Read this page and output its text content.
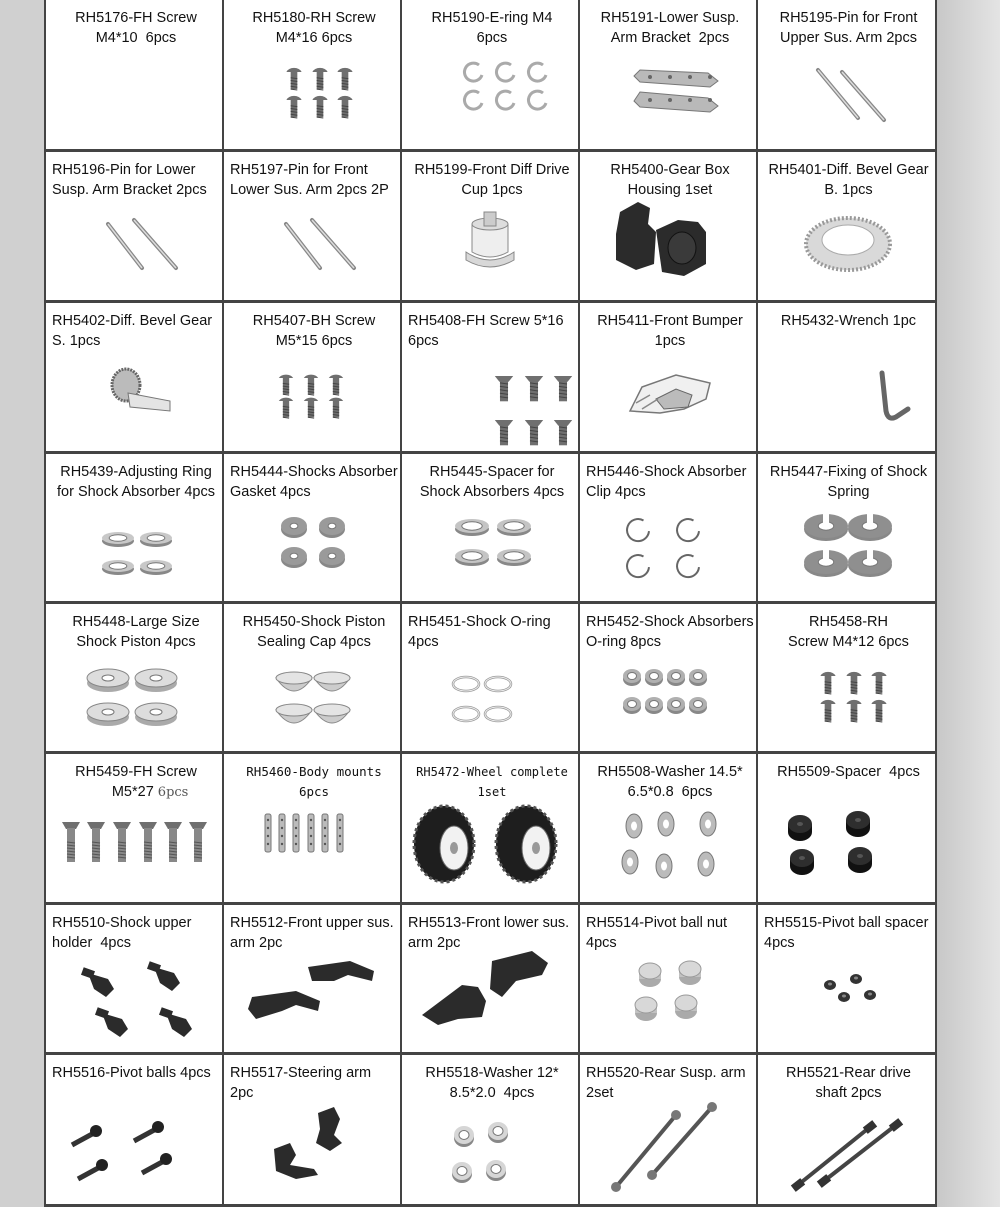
RH5176-FH Screw
M4*10  6pcs
RH5180-RH Screw
M4*16 6pcs
RH5190-E-ring M4
6pcs
RH5191-Lower Susp.
Arm Bracket  2pcs
RH5195-Pin for Front
Upper Sus. Arm 2pcs
RH5196-Pin for Lower
Susp. Arm Bracket 2pcs
RH5197-Pin for Front
Lower Sus. Arm 2pcs 2P
RH5199-Front Diff Drive
Cup 1pcs
RH5400-Gear Box
Housing 1set
RH5401-Diff. Bevel Gear
B. 1pcs
RH5402-Diff. Bevel Gear
S. 1pcs
RH5407-BH Screw
M5*15 6pcs
RH5408-FH Screw 5*16
6pcs
RH5411-Front Bumper
1pcs
RH5432-Wrench 1pc
RH5439-Adjusting Ring
for Shock Absorber 4pcs
RH5444-Shocks Absorber
Gasket 4pcs
RH5445-Spacer for
Shock Absorbers 4pcs
RH5446-Shock Absorber
Clip 4pcs
RH5447-Fixing of Shock
Spring
RH5448-Large Size
Shock Piston 4pcs
RH5450-Shock Piston
Sealing Cap 4pcs
RH5451-Shock O-ring
4pcs
RH5452-Shock Absorbers
O-ring 8pcs
RH5458-RH
Screw M4*12 6pcs
RH5459-FH Screw
M5*27 6pcs
RH5460-Body mounts
6pcs
RH5472-Wheel complete
1set
RH5508-Washer 14.5*
6.5*0.8  6pcs
RH5509-Spacer  4pcs
RH5510-Shock upper
holder  4pcs
RH5512-Front upper sus.
arm 2pc
RH5513-Front lower sus.
arm 2pc
RH5514-Pivot ball nut
4pcs
RH5515-Pivot ball spacer
4pcs
RH5516-Pivot balls 4pcs	RH5517-Steering arm 2pc
RH5518-Washer 12*
8.5*2.0  4pcs
RH5520-Rear Susp. arm
2set
RH5521-Rear drive
shaft 2pcs
